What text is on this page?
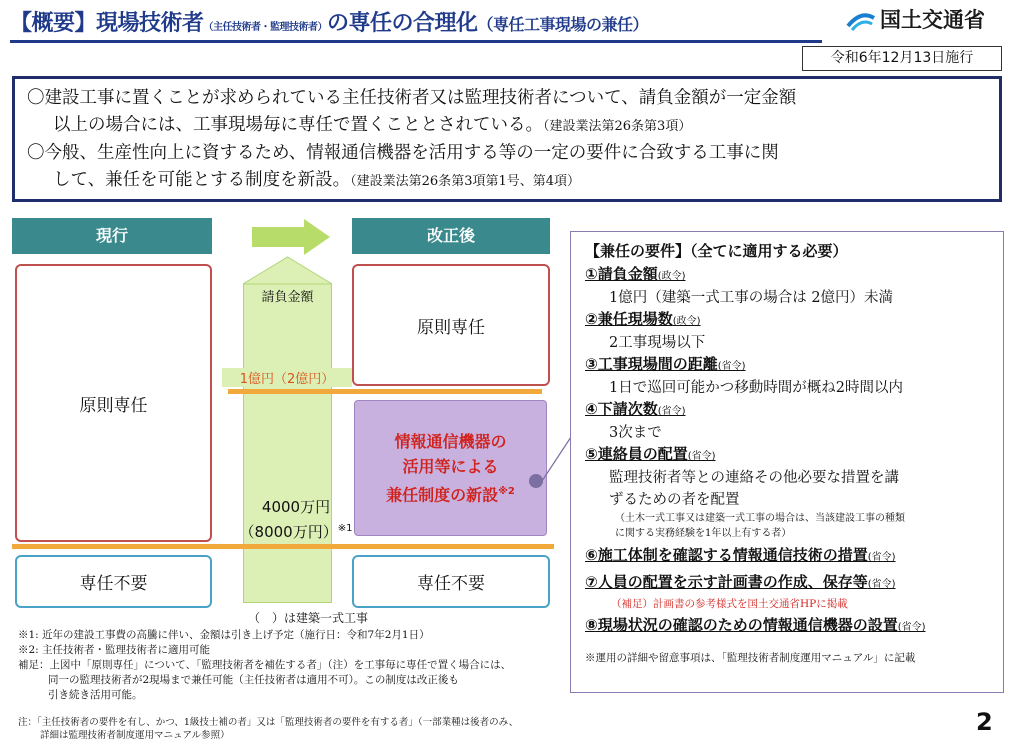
【概要】現場技術者（主任技術者・監理技術者）の専任の合理化（専任工事現場の兼任）	国土交通省
令和6年12月13日施行
〇建設工事に置くことが求められている主任技術者又は監理技術者について、請負金額が一定金額
以上の場合には、工事現場毎に専任で置くこととされている。（建設業法第26条第3項）
〇今般、生産性向上に資するため、情報通信機器を活用する等の一定の要件に合致する工事に関
して、兼任を可能とする制度を新設。（建設業法第26条第3項第1号、第4項）
現行	改正後
請負金額
原則専任
専任不要
原則専任
情報通信機器の
活用等による
兼任制度の新設$^{※2}$
専任不要
1億円（2億円）
4000万円
（8000万円）$^{※1}$
（　）は建築一式工事
【兼任の要件】（全てに適用する必要）
①請負金額(政令)
1億円（建築一式工事の場合は 2億円）未満
②兼任現場数(政令)
2工事現場以下
③工事現場間の距離(省令)
1日で巡回可能かつ移動時間が概ね2時間以内
④下請次数(省令)
3次まで
⑤連絡員の配置(省令)
監理技術者等との連絡その他必要な措置を講
ずるための者を配置
（土木一式工事又は建築一式工事の場合は、当該建設工事の種類
に関する実務経験を1年以上有する者）
⑥施工体制を確認する情報通信技術の措置(省令)
⑦人員の配置を示す計画書の作成、保存等(省令)
（補足）計画書の参考様式を国土交通省HPに掲載
⑧現場状況の確認のための情報通信機器の設置(省令)
※運用の詳細や留意事項は、「監理技術者制度運用マニュアル」に記載
※1: 近年の建設工事費の高騰に伴い、金額は引き上げ予定（施行日：令和7年2月1日）
※2: 主任技術者・監理技術者に適用可能
補足：上図中「原則専任」について、「監理技術者を補佐する者」（注）を工事毎に専任で置く場合には、
同一の監理技術者が2現場まで兼任可能（主任技術者は適用不可）。この制度は改正後も
引き続き活用可能。
注：「主任技術者の要件を有し、かつ、1級技士補の者」又は「監理技術者の要件を有する者」（一部業種は後者のみ、
詳細は監理技術者制度運用マニュアル参照）	2
